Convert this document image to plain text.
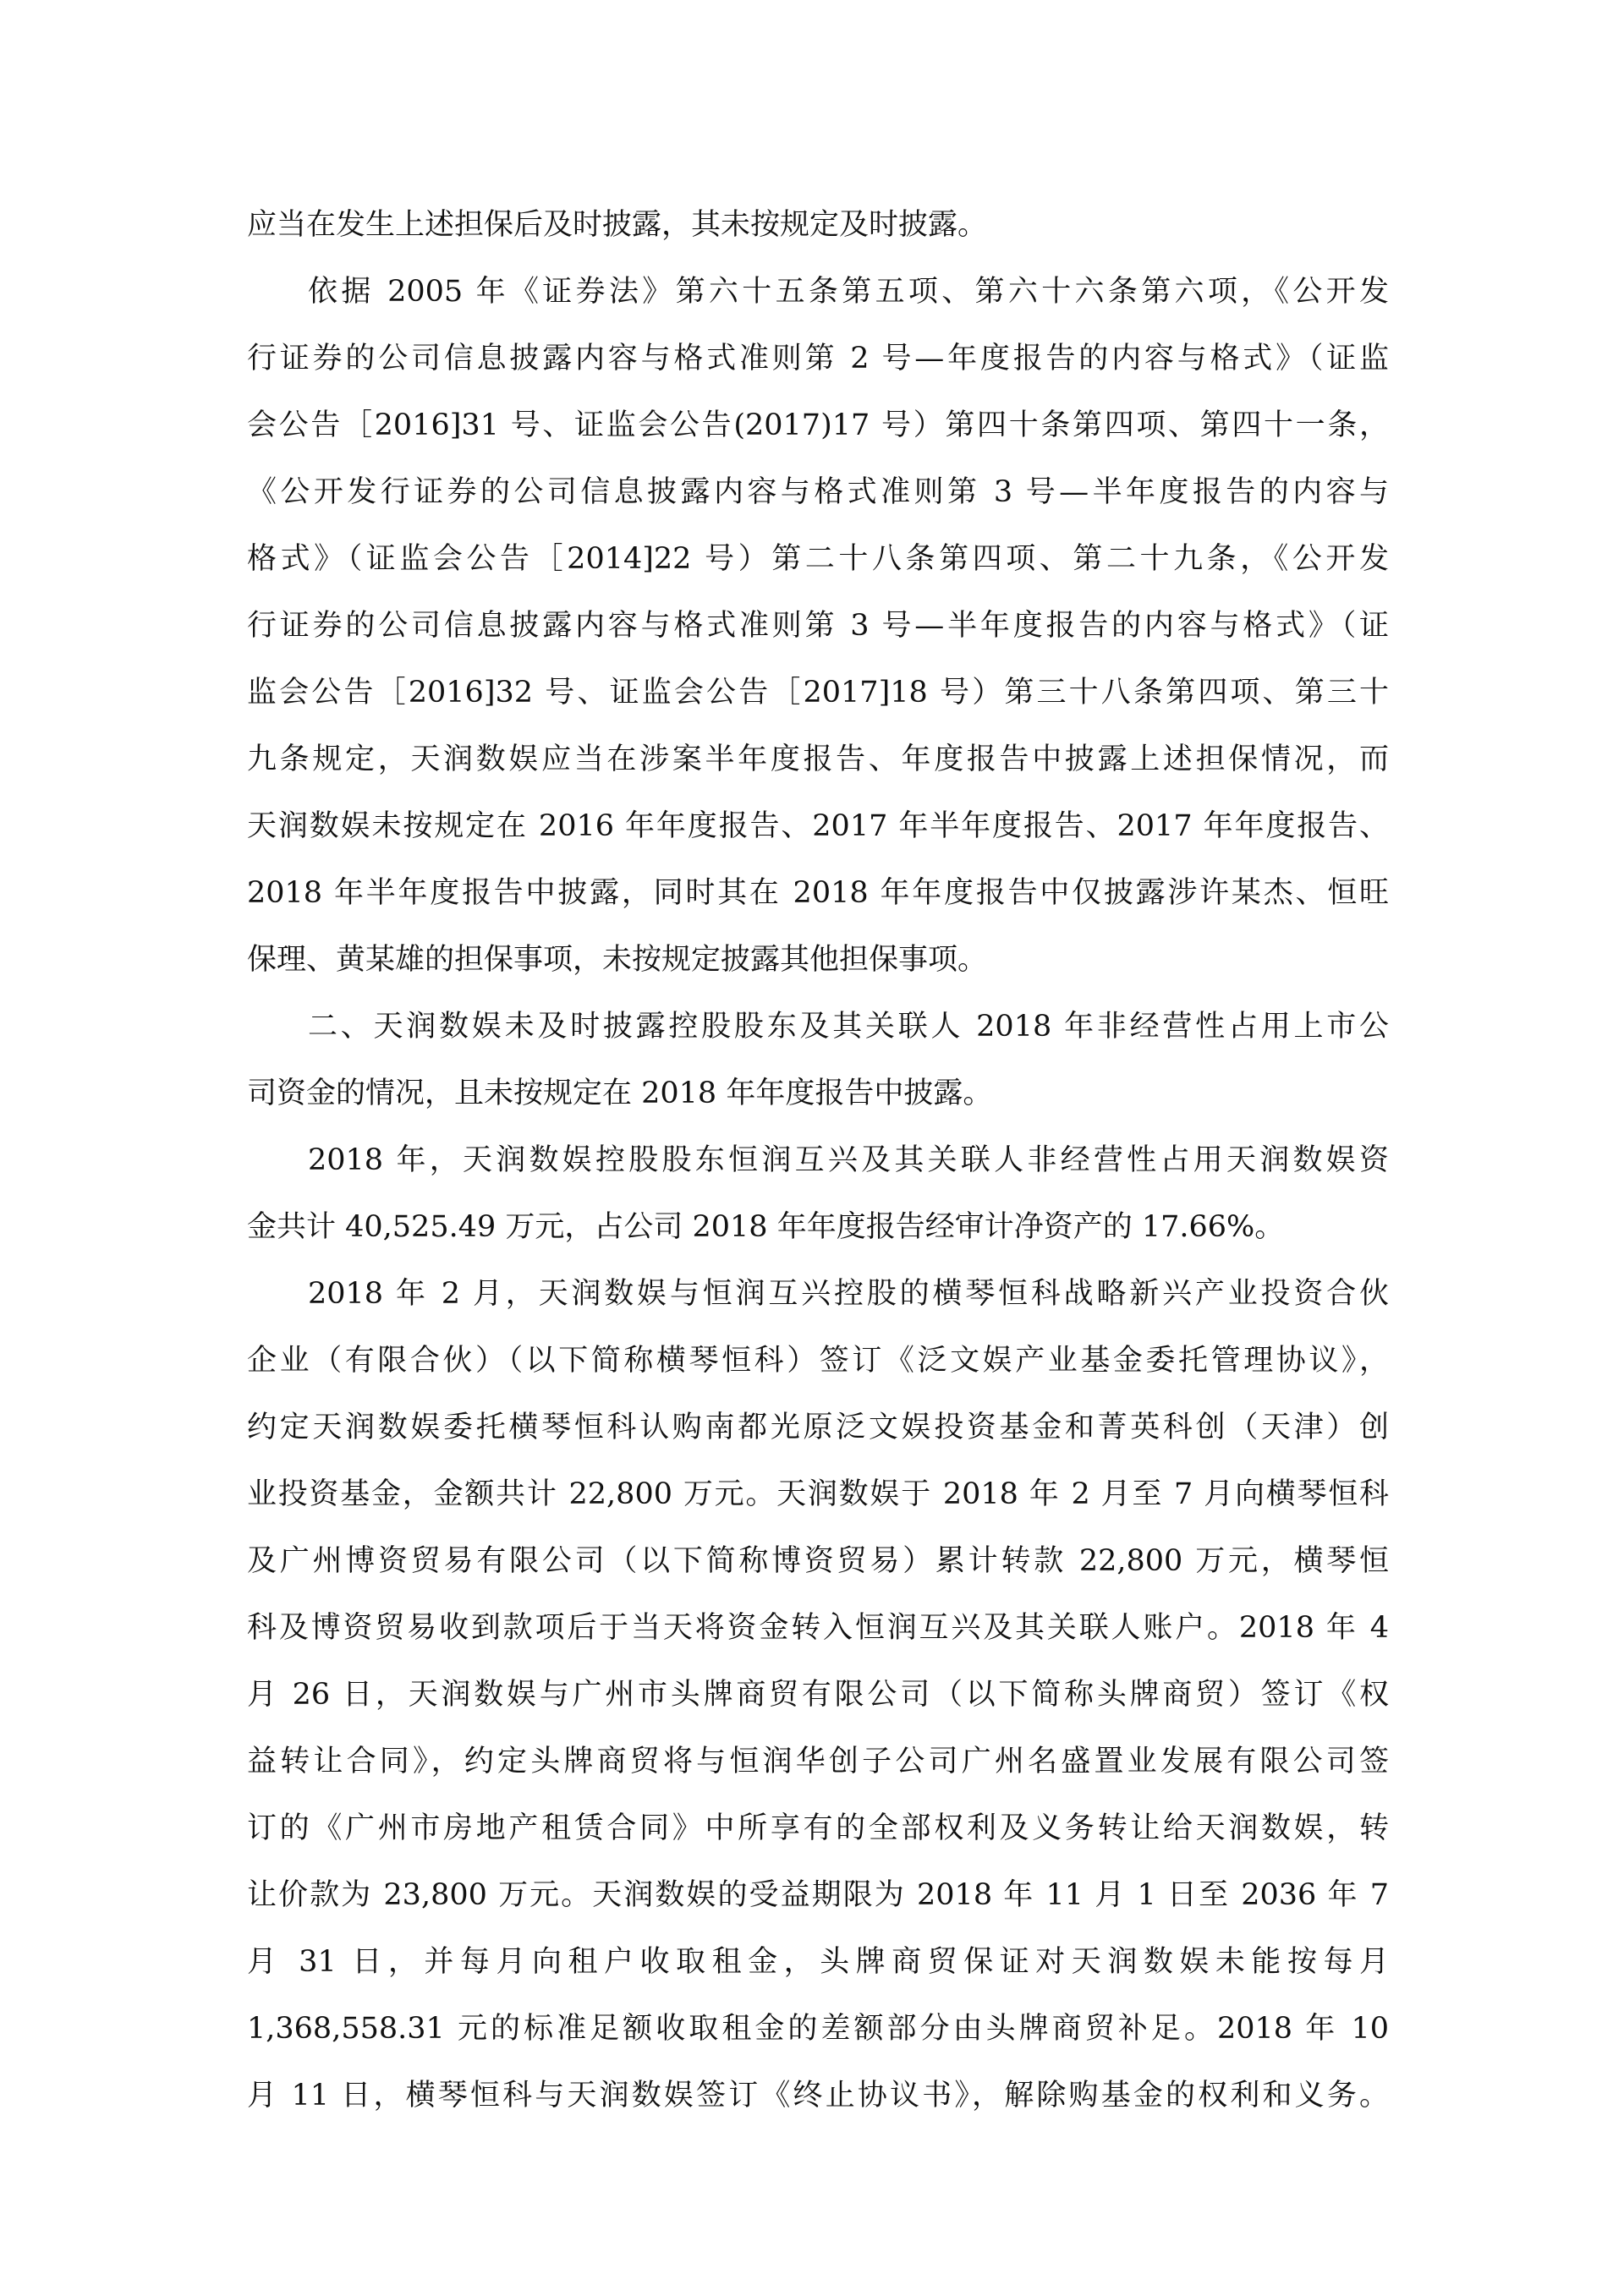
应当在发生上述担保后及时披露，其未按规定及时披露。
依据 2005 年《证券法》第六十五条第五项、第六十六条第六项，《公开发
行证券的公司信息披露内容与格式准则第 2 号—年度报告的内容与格式》（证监
会公告［2016]31 号、证监会公告(2017)17 号）第四十条第四项、第四十一条，
《公开发行证券的公司信息披露内容与格式准则第 3 号—半年度报告的内容与
格式》（证监会公告［2014]22 号）第二十八条第四项、第二十九条，《公开发
行证券的公司信息披露内容与格式准则第 3 号—半年度报告的内容与格式》（证
监会公告［2016]32 号、证监会公告［2017]18 号）第三十八条第四项、第三十
九条规定，天润数娱应当在涉案半年度报告、年度报告中披露上述担保情况，而
天润数娱未按规定在 2016 年年度报告、2017 年半年度报告、2017 年年度报告、
2018 年半年度报告中披露，同时其在 2018 年年度报告中仅披露涉许某杰、恒旺
保理、黄某雄的担保事项，未按规定披露其他担保事项。
二、天润数娱未及时披露控股股东及其关联人 2018 年非经营性占用上市公
司资金的情况，且未按规定在 2018 年年度报告中披露。
2018 年，天润数娱控股股东恒润互兴及其关联人非经营性占用天润数娱资
金共计 40,525.49 万元，占公司 2018 年年度报告经审计净资产的 17.66%。
2018 年 2 月，天润数娱与恒润互兴控股的横琴恒科战略新兴产业投资合伙
企业（有限合伙）（以下简称横琴恒科）签订《泛文娱产业基金委托管理协议》，
约定天润数娱委托横琴恒科认购南都光原泛文娱投资基金和菁英科创（天津）创
业投资基金，金额共计 22,800 万元。天润数娱于 2018 年 2 月至 7 月向横琴恒科
及广州博资贸易有限公司（以下简称博资贸易）累计转款 22,800 万元，横琴恒
科及博资贸易收到款项后于当天将资金转入恒润互兴及其关联人账户。2018 年 4
月 26 日，天润数娱与广州市头牌商贸有限公司（以下简称头牌商贸）签订《权
益转让合同》，约定头牌商贸将与恒润华创子公司广州名盛置业发展有限公司签
订的《广州市房地产租赁合同》中所享有的全部权利及义务转让给天润数娱，转
让价款为 23,800 万元。天润数娱的受益期限为 2018 年 11 月 1 日至 2036 年 7
月 31 日，并每月向租户收取租金，头牌商贸保证对天润数娱未能按每月
1,368,558.31 元的标准足额收取租金的差额部分由头牌商贸补足。2018 年 10
月 11 日，横琴恒科与天润数娱签订《终止协议书》，解除购基金的权利和义务。
